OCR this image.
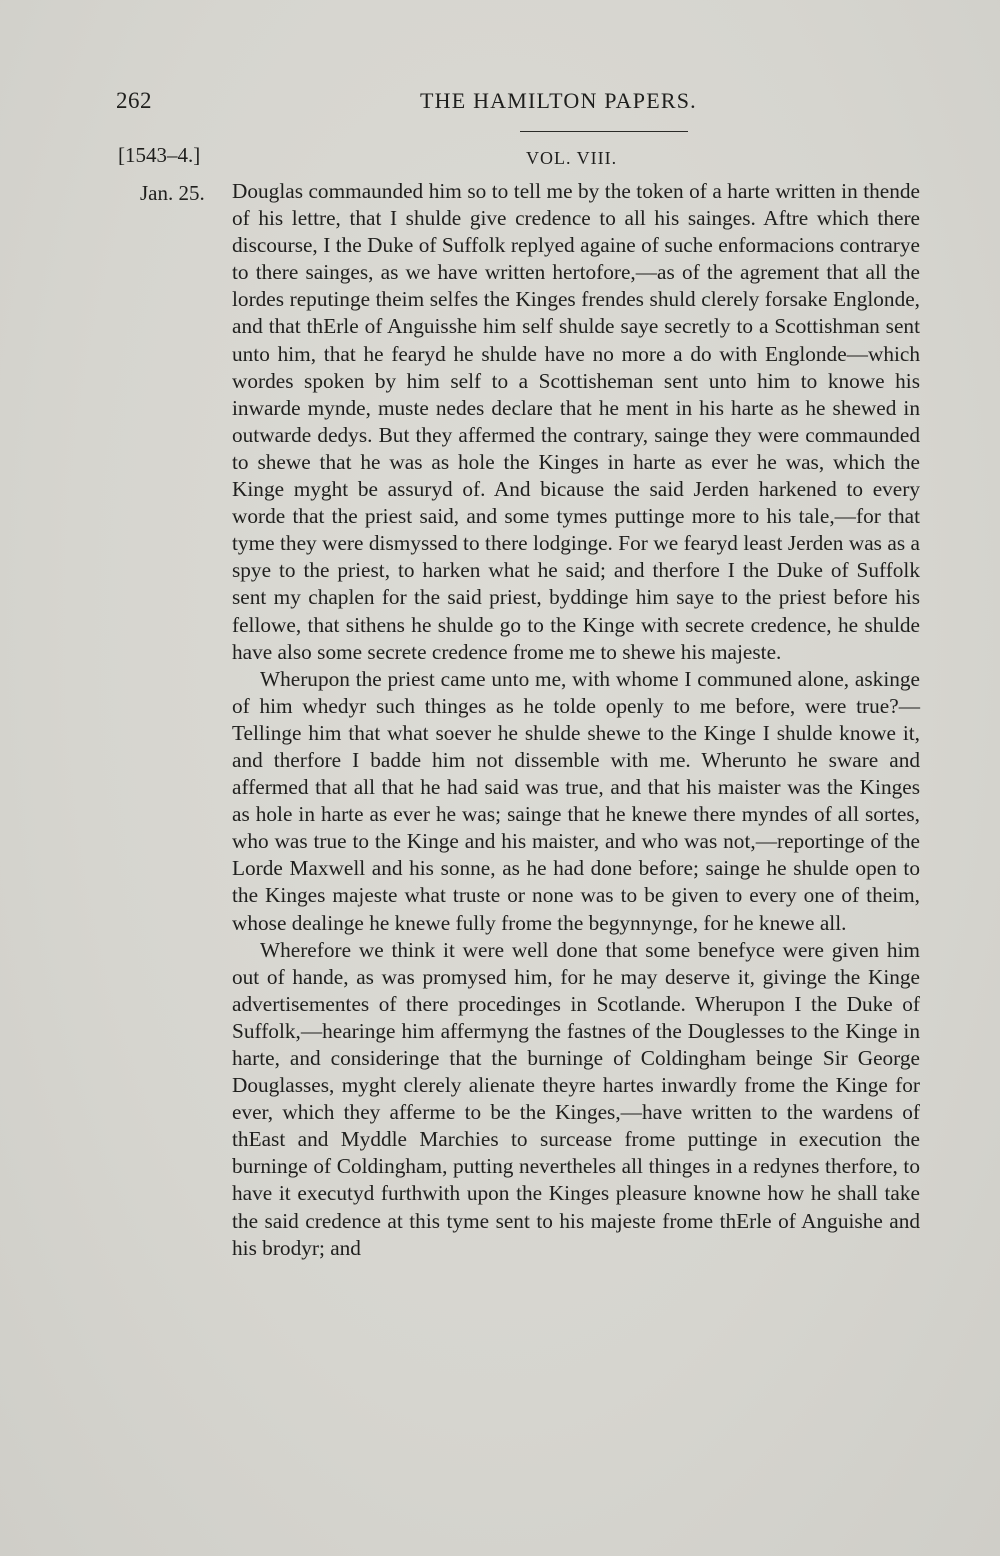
262	THE HAMILTON PAPERS.
[1543–4.]	VOL. VIII.
Jan. 25. Douglas commaunded him so to tell me by the token of a harte written in thende of his lettre, that I shulde give credence to all his sainges. Aftre which there discourse, I the Duke of Suffolk replyed againe of suche enformacions contrarye to there sainges, as we have written hertofore,—as of the agrement that all the lordes reputinge theim selfes the Kinges frendes shuld clerely forsake Englonde, and that thErle of Anguisshe him self shulde saye secretly to a Scottishman sent unto him, that he fearyd he shulde have no more a do with Englonde—which wordes spoken by him self to a Scottisheman sent unto him to knowe his inwarde mynde, muste nedes declare that he ment in his harte as he shewed in outwarde dedys. But they affermed the contrary, sainge they were commaunded to shewe that he was as hole the Kinges in harte as ever he was, which the Kinge myght be assuryd of. And bicause the said Jerden harkened to every worde that the priest said, and some tymes puttinge more to his tale,—for that tyme they were dismyssed to there lodginge. For we fearyd least Jerden was as a spye to the priest, to harken what he said; and therfore I the Duke of Suffolk sent my chaplen for the said priest, byddinge him saye to the priest before his fellowe, that sithens he shulde go to the Kinge with secrete credence, he shulde have also some secrete credence frome me to shewe his majeste.

Wherupon the priest came unto me, with whome I communed alone, askinge of him whedyr such thinges as he tolde openly to me before, were true?—Tellinge him that what soever he shulde shewe to the Kinge I shulde knowe it, and therfore I badde him not dissemble with me. Wherunto he sware and affermed that all that he had said was true, and that his maister was the Kinges as hole in harte as ever he was; sainge that he knewe there myndes of all sortes, who was true to the Kinge and his maister, and who was not,—reportinge of the Lorde Maxwell and his sonne, as he had done before; sainge he shulde open to the Kinges majeste what truste or none was to be given to every one of theim, whose dealinge he knewe fully frome the begynnynge, for he knewe all.

Wherefore we think it were well done that some benefyce were given him out of hande, as was promysed him, for he may deserve it, givinge the Kinge advertisementes of there procedinges in Scotlande. Wherupon I the Duke of Suffolk,—hearinge him affermyng the fastnes of the Douglesses to the Kinge in harte, and consideringe that the burninge of Coldingham beinge Sir George Douglasses, myght clerely alienate theyre hartes inwardly frome the Kinge for ever, which they afferme to be the Kinges,—have written to the wardens of thEast and Myddle Marchies to surcease frome puttinge in execution the burninge of Coldingham, putting nevertheles all thinges in a redynes therfore, to have it executyd furthwith upon the Kinges pleasure knowne how he shall take the said credence at this tyme sent to his majeste frome thErle of Anguishe and his brodyr; and
